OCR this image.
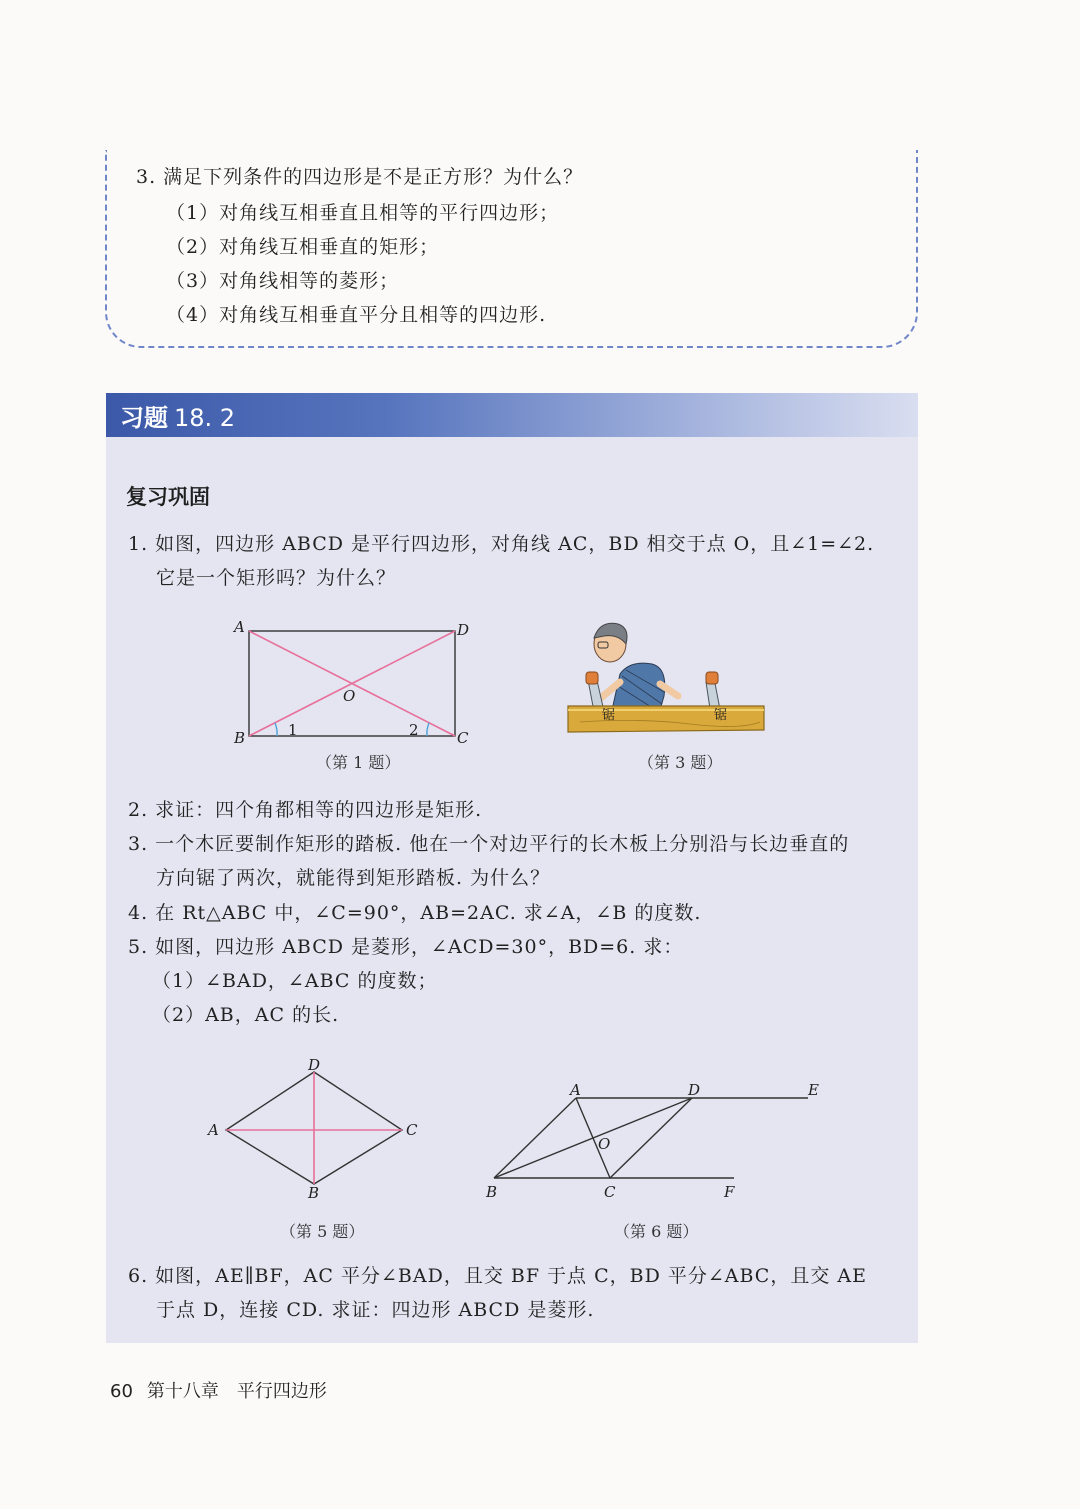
3. 满足下列条件的四边形是不是正方形？为什么？
（1）对角线互相垂直且相等的平行四边形；
（2）对角线互相垂直的矩形；
（3）对角线相等的菱形；
（4）对角线互相垂直平分且相等的四边形.
习题 18. 2
复习巩固
1. 如图，四边形 ABCD 是平行四边形，对角线 AC，BD 相交于点 O，且∠1=∠2.
它是一个矩形吗？为什么？
A	D
B	C
O
1	2
（第 1 题）
锯	锯
（第 3 题）
2. 求证：四个角都相等的四边形是矩形.
3. 一个木匠要制作矩形的踏板. 他在一个对边平行的长木板上分别沿与长边垂直的
方向锯了两次，就能得到矩形踏板. 为什么？
4. 在 Rt△ABC 中，∠C=90°，AB=2AC. 求∠A，∠B 的度数.
5. 如图，四边形 ABCD 是菱形，∠ACD=30°，BD=6. 求：
（1）∠BAD，∠ABC 的度数；
（2）AB，AC 的长.
D
A	C
B
（第 5 题）
A	D	E
B	C	F
O
（第 6 题）
6. 如图，AE∥BF，AC 平分∠BAD，且交 BF 于点 C，BD 平分∠ABC，且交 AE
于点 D，连接 CD. 求证：四边形 ABCD 是菱形.
60 第十八章　平行四边形
